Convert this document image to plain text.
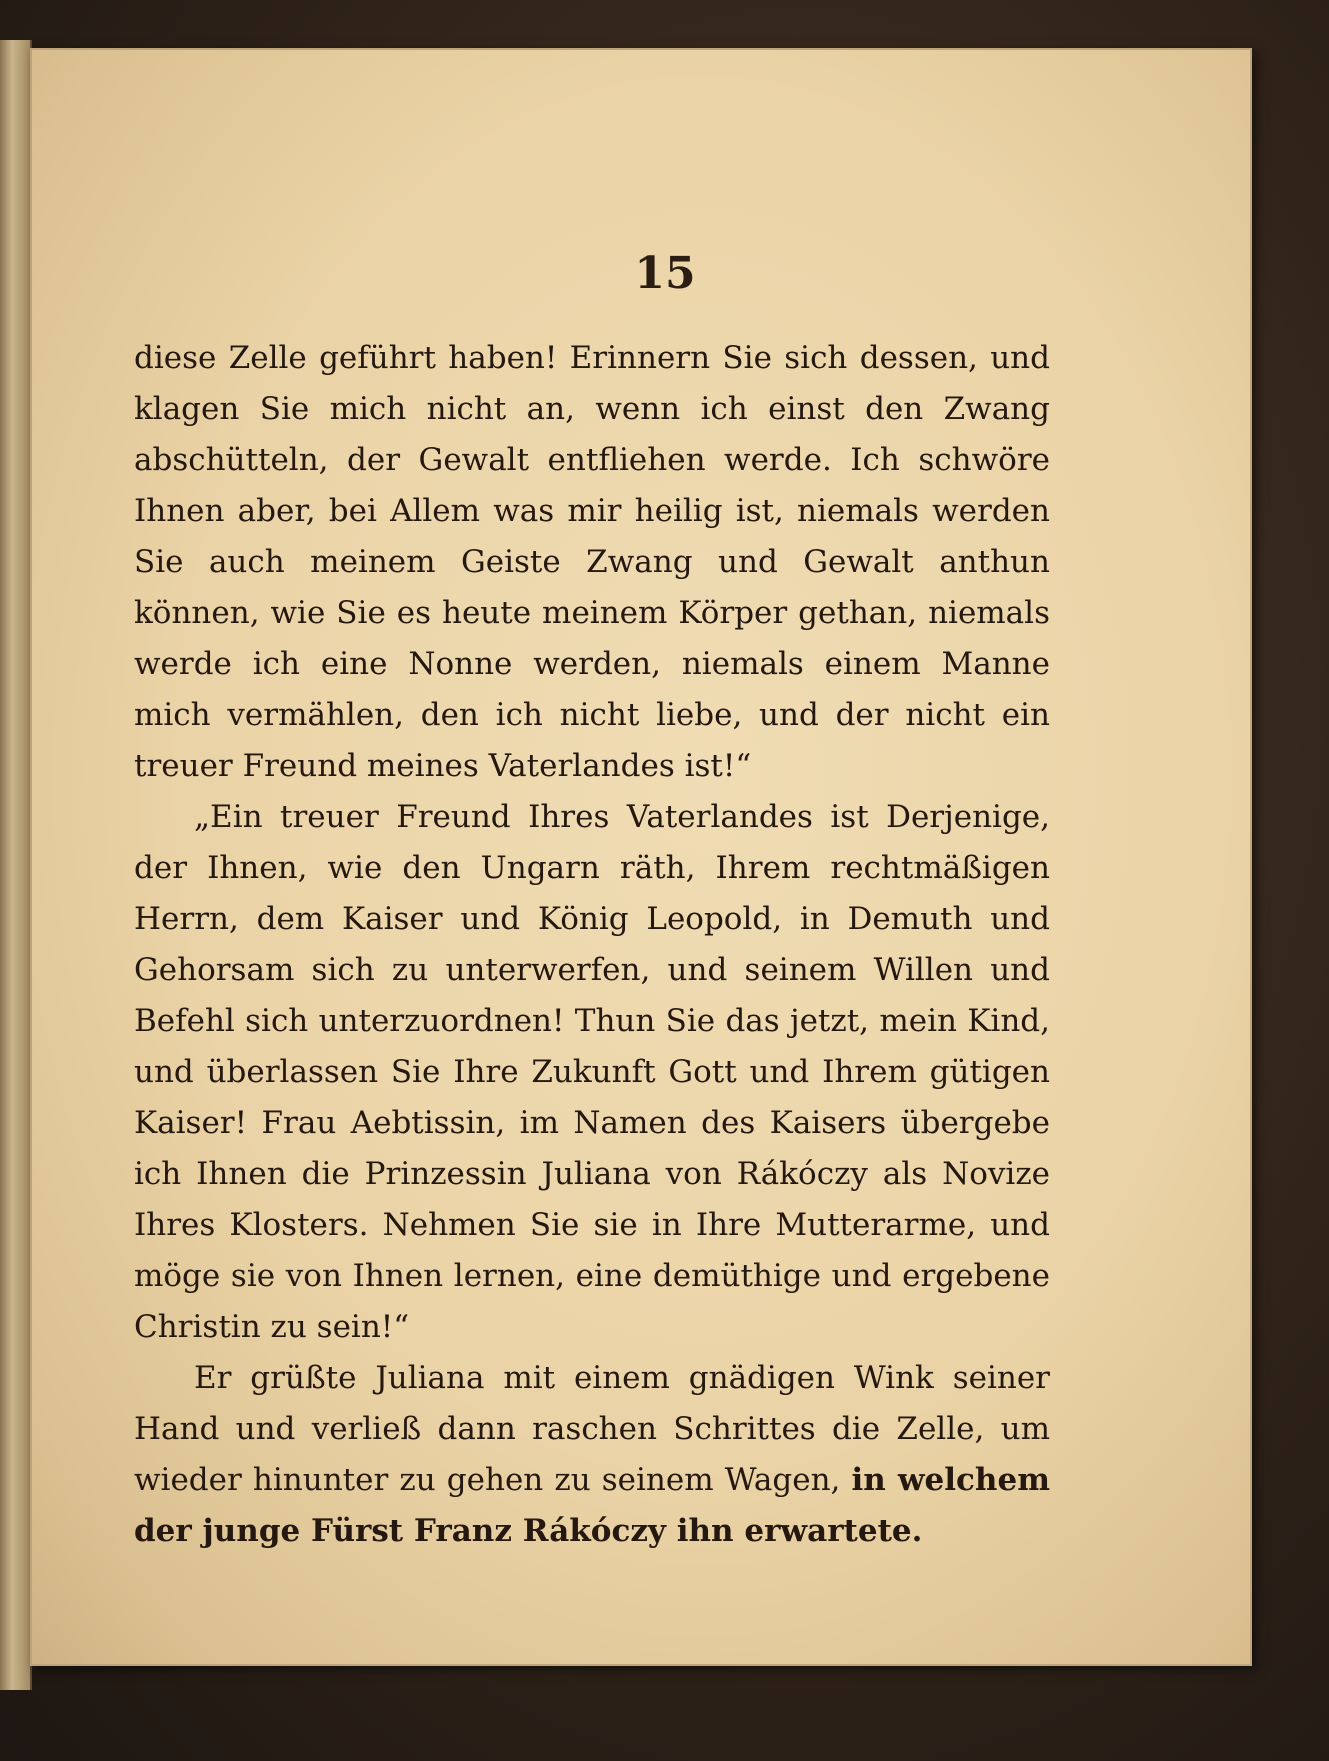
15

diese Zelle geführt haben! Erinnern Sie sich dessen, und klagen Sie mich nicht an, wenn ich einst den Zwang abschütteln, der Gewalt entfliehen werde. Ich schwöre Ihnen aber, bei Allem was mir heilig ist, niemals werden Sie auch meinem Geiste Zwang und Gewalt anthun können, wie Sie es heute meinem Körper gethan, niemals werde ich eine Nonne werden, niemals einem Manne mich vermählen, den ich nicht liebe, und der nicht ein treuer Freund meines Vaterlandes ist!“

„Ein treuer Freund Ihres Vaterlandes ist Derjenige, der Ihnen, wie den Ungarn räth, Ihrem rechtmäßigen Herrn, dem Kaiser und König Leopold, in Demuth und Gehorsam sich zu unterwerfen, und seinem Willen und Befehl sich unterzuordnen! Thun Sie das jetzt, mein Kind, und überlassen Sie Ihre Zukunft Gott und Ihrem gütigen Kaiser! Frau Aebtissin, im Namen des Kaisers übergebe ich Ihnen die Prinzessin Juliana von Rákóczy als Novize Ihres Klosters. Nehmen Sie sie in Ihre Mutterarme, und möge sie von Ihnen lernen, eine demüthige und ergebene Christin zu sein!“

Er grüßte Juliana mit einem gnädigen Wink seiner Hand und verließ dann raschen Schrittes die Zelle, um wieder hinunter zu gehen zu seinem Wagen, in welchem der junge Fürst Franz Rákóczy ihn erwartete.
